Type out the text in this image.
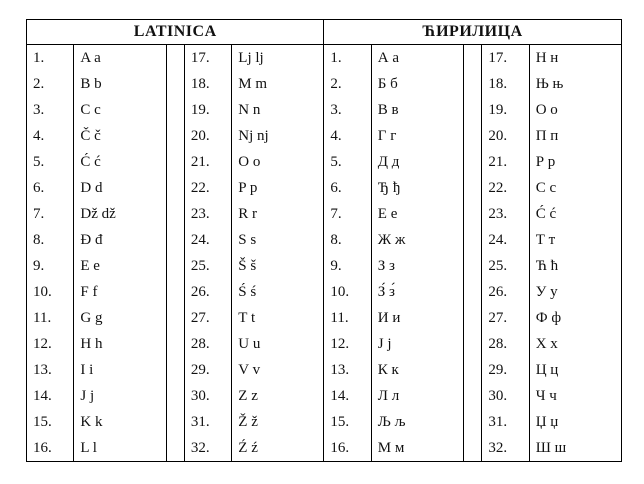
LATINICA					ЋИРИЛИЦА				
1.	A a		17.	Lj lj	1.	А а		17.	Н н
2.	B b		18.	M m	2.	Б б		18.	Њ њ
3.	C c		19.	N n	3.	В в		19.	О о
4.	Č č		20.	Nj nj	4.	Г г		20.	П п
5.	Ć ć		21.	O o	5.	Д д		21.	Р р
6.	D d		22.	P p	6.	Ђ ђ		22.	С с
7.	Dž dž		23.	R r	7.	Е е		23.	Ć ć
8.	Đ đ		24.	S s	8.	Ж ж		24.	Т т
9.	E e		25.	Š š	9.	З з		25.	Ћ ћ
10.	F f		26.	Ś ś	10.	З́ з́		26.	У у
11.	G g		27.	T t	11.	И и		27.	Ф ф
12.	H h		28.	U u	12.	Ј ј		28.	Х х
13.	I i		29.	V v	13.	К к		29.	Ц ц
14.	J j		30.	Z z	14.	Л л		30.	Ч ч
15.	K k		31.	Ž ž	15.	Љ љ		31.	Џ џ
16.	L l		32.	Ź ź	16.	М м		32.	Ш ш
